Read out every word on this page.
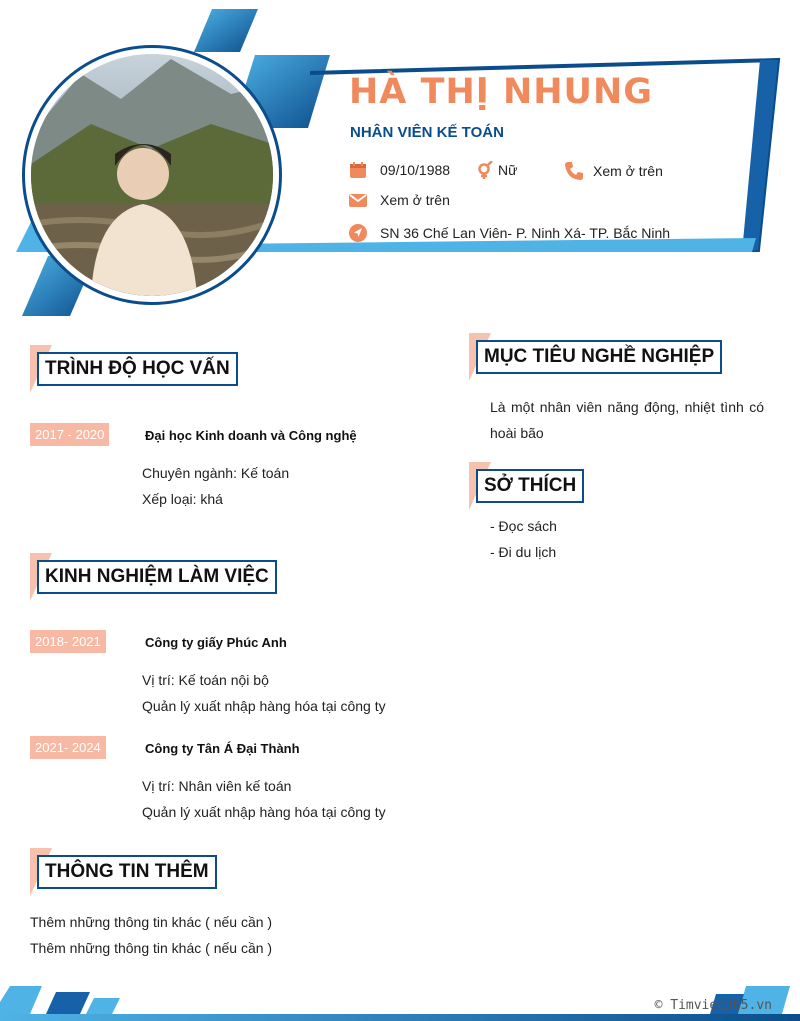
HÀ THỊ NHUNG
NHÂN VIÊN KẾ TOÁN
09/10/1988	Nữ	Xem ở trên
Xem ở trên
SN 36 Chế Lan Viên- P. Ninh Xá- TP. Bắc Ninh
TRÌNH ĐỘ HỌC VẤN
2017 - 2020	Đại học Kinh doanh và Công nghệ
Chuyên ngành: Kế toán
Xếp loại: khá
KINH NGHIỆM LÀM VIỆC
2018- 2021	Công ty giấy Phúc Anh
Vị trí: Kế toán nội bộ
Quản lý xuất nhập hàng hóa tại công ty
2021- 2024	Công ty Tân Á Đại Thành
Vị trí: Nhân viên kế toán
Quản lý xuất nhập hàng hóa tại công ty
THÔNG TIN THÊM
Thêm những thông tin khác ( nếu cần )
Thêm những thông tin khác ( nếu cần )
MỤC TIÊU NGHỀ NGHIỆP
Là một nhân viên năng động, nhiệt tình có hoài bão
SỞ THÍCH
- Đọc sách
- Đi du lịch
© Timviec365.vn
